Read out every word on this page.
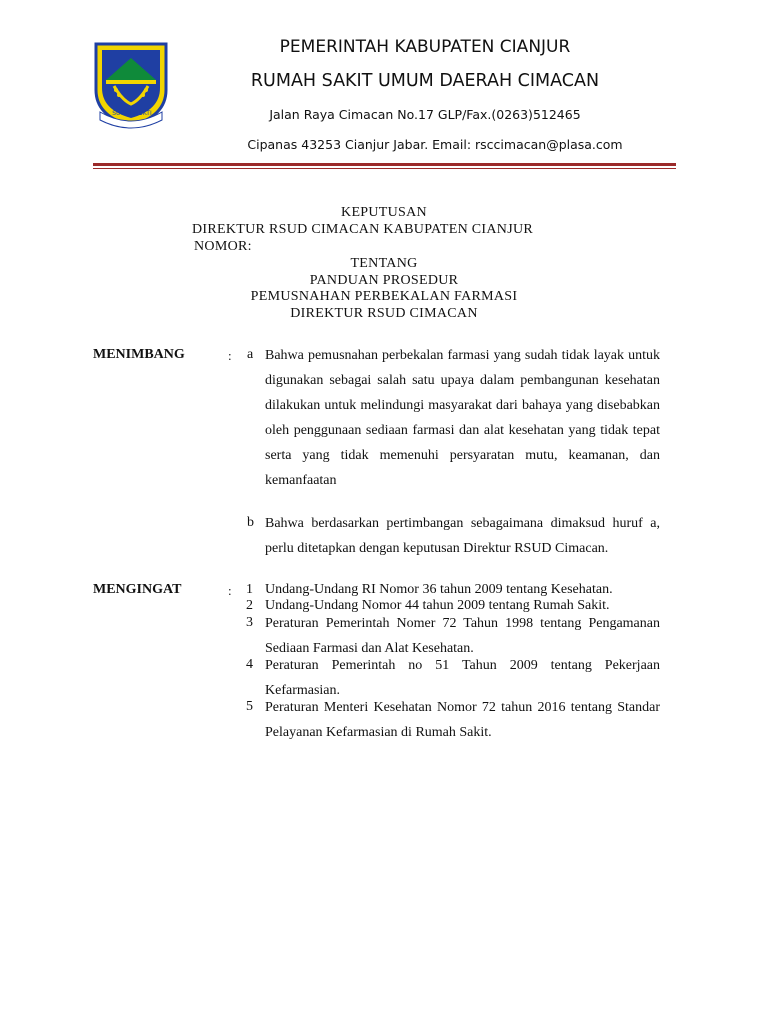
SUGIH MUKTI
PEMERINTAH KABUPATEN CIANJUR
RUMAH SAKIT UMUM DAERAH CIMACAN
Jalan Raya Cimacan No.17 GLP/Fax.(0263)512465
Cipanas 43253 Cianjur Jabar. Email: rsccimacan@plasa.com
KEPUTUSAN
DIREKTUR RSUD CIMACAN KABUPATEN CIANJUR
NOMOR:
TENTANG
PANDUAN PROSEDUR
PEMUSNAHAN PERBEKALAN FARMASI
DIREKTUR RSUD CIMACAN
MENIMBANG	: a Bahwa pemusnahan perbekalan farmasi yang sudah tidak layak untuk digunakan sebagai salah satu upaya dalam pembangunan kesehatan dilakukan untuk melindungi masyarakat dari bahaya yang disebabkan oleh penggunaan sediaan farmasi dan alat kesehatan yang tidak tepat serta yang tidak memenuhi persyaratan mutu, keamanan, dan kemanfaatan
b Bahwa berdasarkan pertimbangan sebagaimana dimaksud huruf a, perlu ditetapkan dengan keputusan Direktur RSUD Cimacan.
MENGINGAT	: 1 Undang-Undang RI Nomor 36 tahun 2009 tentang Kesehatan.
2 Undang-Undang Nomor 44 tahun 2009 tentang Rumah Sakit.
3 Peraturan Pemerintah Nomer 72 Tahun 1998 tentang Pengamanan Sediaan Farmasi dan Alat Kesehatan.
4 Peraturan Pemerintah no 51 Tahun 2009 tentang Pekerjaan Kefarmasian.
5 Peraturan Menteri Kesehatan Nomor 72 tahun 2016 tentang Standar Pelayanan Kefarmasian di Rumah Sakit.
